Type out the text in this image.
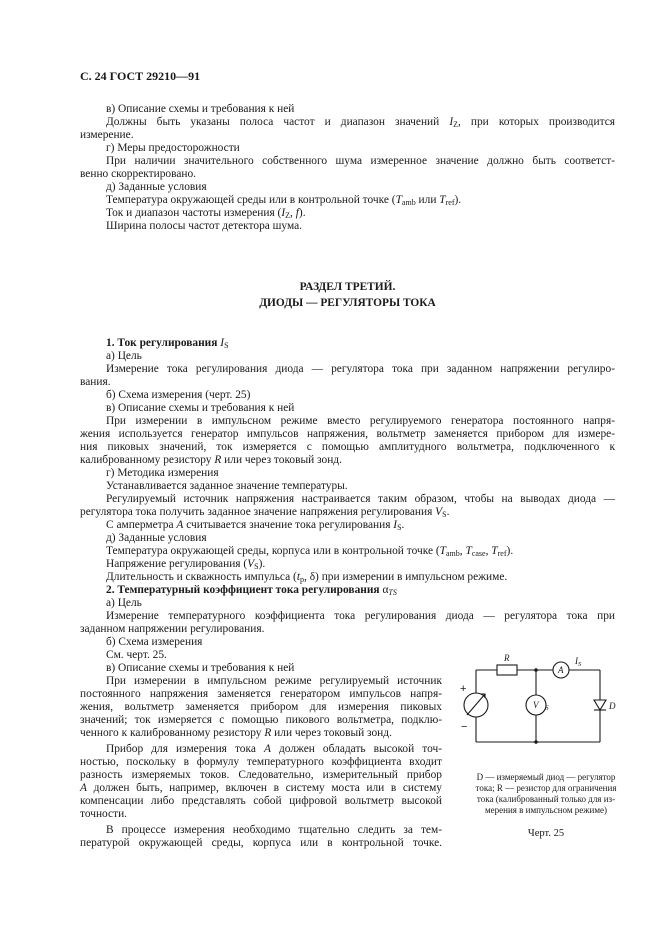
С. 24 ГОСТ 29210—91
в) Описание схемы и требования к ней
Должны быть указаны полоса частот и диапазон значений $I_Z$, при которых производится
измерение.
г) Меры предосторожности
При наличии значительного собственного шума измеренное значение должно быть соответст-
венно скорректировано.
д) Заданные условия
Температура окружающей среды или в контрольной точке ($T_{amb}$ или $T_{ref}$).
Ток и диапазон частоты измерения ($I_Z$, f).
Ширина полосы частот детектора шума.
РАЗДЕЛ ТРЕТИЙ.
ДИОДЫ — РЕГУЛЯТОРЫ ТОКА
1. Ток регулирования $I_S$
а) Цель
Измерение тока регулирования диода — регулятора тока при заданном напряжении регулиро-
вания.
б) Схема измерения (черт. 25)
в) Описание схемы и требования к ней
При измерении в импульсном режиме вместо регулируемого генератора постоянного напря-
жения используется генератор импульсов напряжения, вольтметр заменяется прибором для измере-
ния пиковых значений, ток измеряется с помощью амплитудного вольтметра, подключенного к
калиброванному резистору R или через токовый зонд.
г) Методика измерения
Устанавливается заданное значение температуры.
Регулируемый источник напряжения настраивается таким образом, чтобы на выводах диода —
регулятора тока получить заданное значение напряжения регулирования $V_S$.
С амперметра A считывается значение тока регулирования $I_S$.
д) Заданные условия
Температура окружающей среды, корпуса или в контрольной точке ($T_{amb}$, $T_{case}$, $T_{ref}$).
Напряжение регулирования $(V_S)$.
Длительность и скважность импульса ($t_p$, δ) при измерении в импульсном режиме.
2. Температурный коэффициент тока регулирования $\alpha_{TS}$
а) Цель
Измерение температурного коэффициента тока регулирования диода — регулятора тока при
заданном напряжении регулирования.
б) Схема измерения
См. черт. 25.
в) Описание схемы и требования к ней
При измерении в импульсном режиме регулируемый источник
постоянного напряжения заменяется генератором импульсов напря-
жения, вольтметр заменяется прибором для измерения пиковых
значений; ток измеряется с помощью пикового вольтметра, подклю-
ченного к калиброванному резистору R или через токовый зонд.
Прибор для измерения тока A должен обладать высокой точ-
ностью, поскольку в формулу температурного коэффициента входит
разность измеряемых токов. Следовательно, измерительный прибор
A должен быть, например, включен в систему моста или в системy
компенсации либо представлять собой цифровой вольтметр высокой
точности.
В процессе измерения необходимо тщательно следить за тем-
пературой окружающей среды, корпуса или в контрольной точке.
R
A
$I_S$
V S	D
+
−
D — измеряемый диод — регулятор
тока; R — резистор для ограничения
тока (калиброванный только для из-
мерения в импульсном режиме)
Черт. 25
